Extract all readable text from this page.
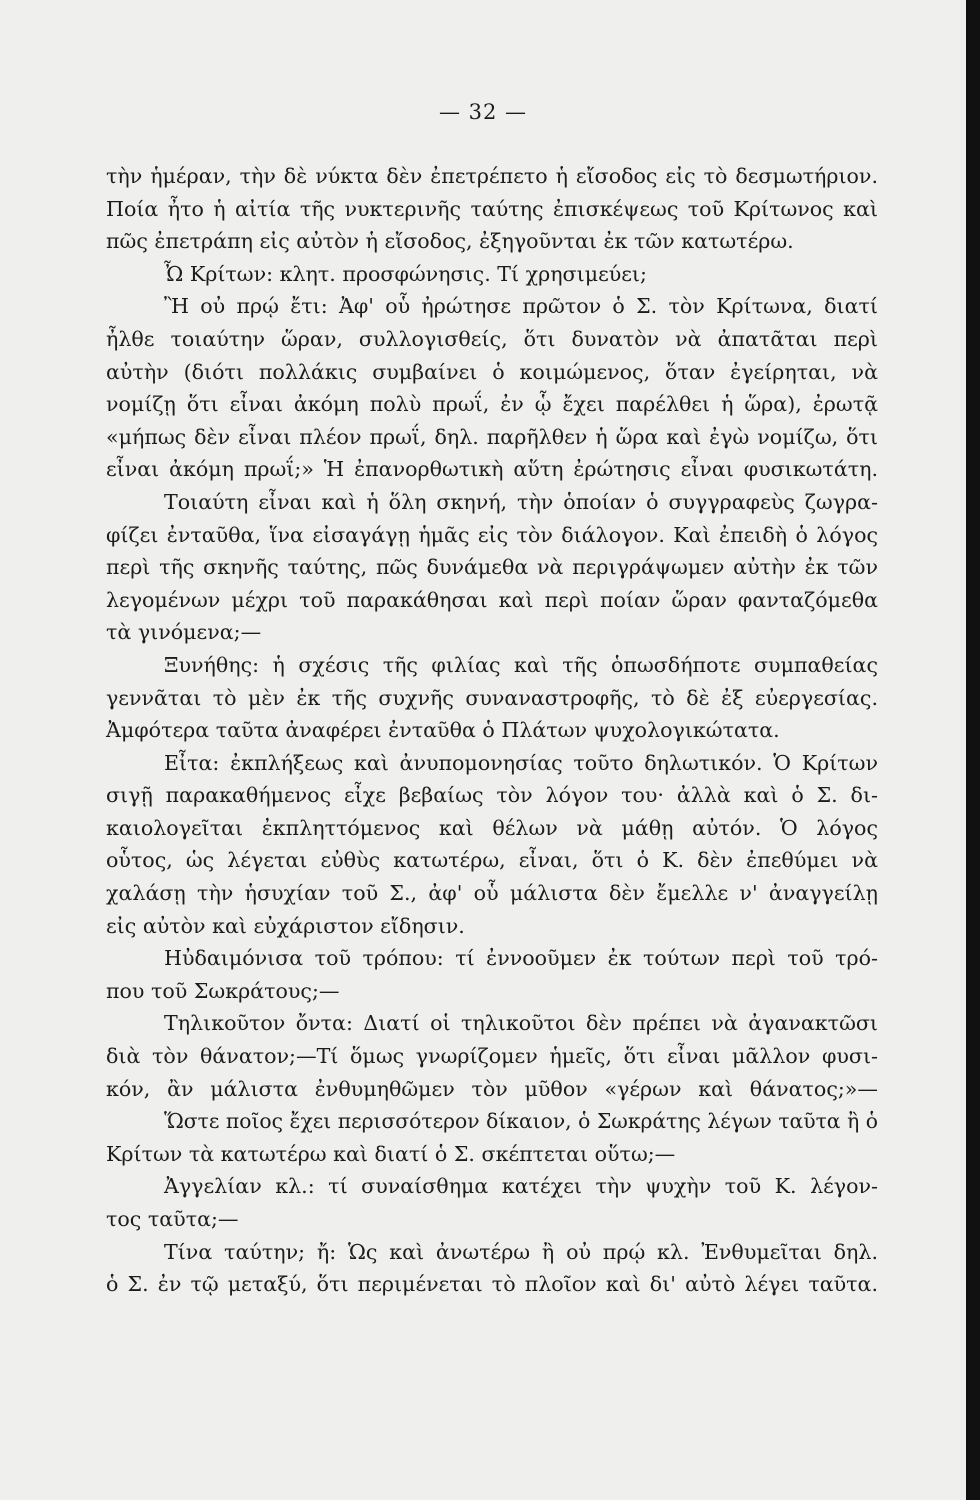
— 32 —
τὴν ἡμέραν, τὴν δὲ νύκτα δὲν ἐπετρέπετο ἡ εἴσοδος εἰς τὸ δεσμωτήριον.
Ποία ἦτο ἡ αἰτία τῆς νυκτερινῆς ταύτης ἐπισκέψεως τοῦ Κρίτωνος καὶ
πῶς ἐπετράπη εἰς αὐτὸν ἡ εἴσοδος, ἐξηγοῦνται ἐκ τῶν κατωτέρω.
Ὦ Κρίτων: κλητ. προσφώνησις. Τί χρησιμεύει;
Ἢ οὐ πρῴ ἔτι: Ἀφ' οὗ ἠρώτησε πρῶτον ὁ Σ. τὸν Κρίτωνα, διατί
ἦλθε τοιαύτην ὥραν, συλλογισθείς, ὅτι δυνατὸν νὰ ἀπατᾶται περὶ
αὐτὴν (διότι πολλάκις συμβαίνει ὁ κοιμώμενος, ὅταν ἐγείρηται, νὰ
νομίζῃ ὅτι εἶναι ἀκόμη πολὺ πρωΐ, ἐν ᾧ ἔχει παρέλθει ἡ ὥρα), ἐρωτᾷ
«μήπως δὲν εἶναι πλέον πρωΐ, δηλ. παρῆλθεν ἡ ὥρα καὶ ἐγὼ νομίζω, ὅτι
εἶναι ἀκόμη πρωΐ;» Ἡ ἐπανορθωτικὴ αὕτη ἐρώτησις εἶναι φυσικωτάτη.
Τοιαύτη εἶναι καὶ ἡ ὅλη σκηνή, τὴν ὁποίαν ὁ συγγραφεὺς ζωγρα-
φίζει ἐνταῦθα, ἵνα εἰσαγάγῃ ἡμᾶς εἰς τὸν διάλογον. Καὶ ἐπειδὴ ὁ λόγος
περὶ τῆς σκηνῆς ταύτης, πῶς δυνάμεθα νὰ περιγράψωμεν αὐτὴν ἐκ τῶν
λεγομένων μέχρι τοῦ παρακάθησαι καὶ περὶ ποίαν ὥραν φανταζόμεθα
τὰ γινόμενα;—
Ξυνήθης: ἡ σχέσις τῆς φιλίας καὶ τῆς ὁπωσδήποτε συμπαθείας
γεννᾶται τὸ μὲν ἐκ τῆς συχνῆς συναναστροφῆς, τὸ δὲ ἐξ εὐεργεσίας.
Ἀμφότερα ταῦτα ἀναφέρει ἐνταῦθα ὁ Πλάτων ψυχολογικώτατα.
Εἶτα: ἐκπλήξεως καὶ ἀνυπομονησίας τοῦτο δηλωτικόν. Ὁ Κρίτων
σιγῇ παρακαθήμενος εἶχε βεβαίως τὸν λόγον του· ἀλλὰ καὶ ὁ Σ. δι-
καιολογεῖται ἐκπληττόμενος καὶ θέλων νὰ μάθῃ αὐτόν. Ὁ λόγος
οὗτος, ὡς λέγεται εὐθὺς κατωτέρω, εἶναι, ὅτι ὁ Κ. δὲν ἐπεθύμει νὰ
χαλάσῃ τὴν ἡσυχίαν τοῦ Σ., ἀφ' οὗ μάλιστα δὲν ἔμελλε ν' ἀναγγείλῃ
εἰς αὐτὸν καὶ εὐχάριστον εἴδησιν.
Ηὐδαιμόνισα τοῦ τρόπου: τί ἐννοοῦμεν ἐκ τούτων περὶ τοῦ τρό-
που τοῦ Σωκράτους;—
Τηλικοῦτον ὄντα: Διατί οἱ τηλικοῦτοι δὲν πρέπει νὰ ἀγανακτῶσι
διὰ τὸν θάνατον;—Τί ὅμως γνωρίζομεν ἡμεῖς, ὅτι εἶναι μᾶλλον φυσι-
κόν, ἂν μάλιστα ἐνθυμηθῶμεν τὸν μῦθον «γέρων καὶ θάνατος;»—
Ὥστε ποῖος ἔχει περισσότερον δίκαιον, ὁ Σωκράτης λέγων ταῦτα ἢ ὁ
Κρίτων τὰ κατωτέρω καὶ διατί ὁ Σ. σκέπτεται οὕτω;—
Ἀγγελίαν κλ.: τί συναίσθημα κατέχει τὴν ψυχὴν τοῦ Κ. λέγον-
τος ταῦτα;—
Τίνα ταύτην; ἤ: Ὡς καὶ ἀνωτέρω ἢ οὐ πρῴ κλ. Ἐνθυμεῖται δηλ.
ὁ Σ. ἐν τῷ μεταξύ, ὅτι περιμένεται τὸ πλοῖον καὶ δι' αὐτὸ λέγει ταῦτα.
